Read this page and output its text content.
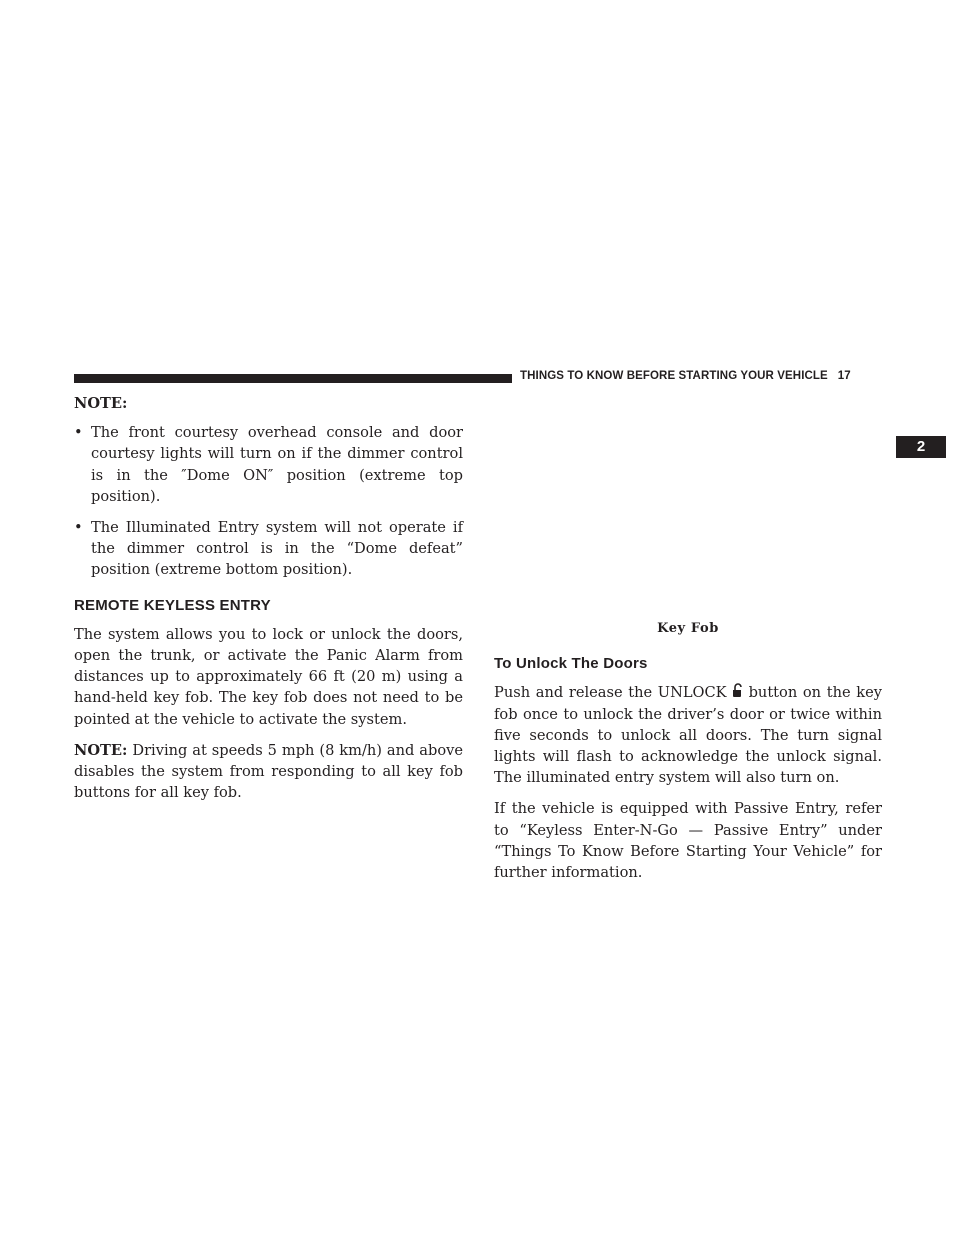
THINGS TO KNOW BEFORE STARTING YOUR VEHICLE 17
2
NOTE:
• The front courtesy overhead console and door courtesy lights will turn on if the dimmer control is in the ″Dome ON″ position (extreme top position).
• The Illuminated Entry system will not operate if the dimmer control is in the “Dome defeat” position (extreme bottom position).
REMOTE KEYLESS ENTRY

The system allows you to lock or unlock the doors, open the trunk, or activate the Panic Alarm from distances up to approximately 66 ft (20 m) using a hand-held key fob. The key fob does not need to be pointed at the vehicle to activate the system.

NOTE: Driving at speeds 5 mph (8 km/h) and above disables the system from responding to all key fob buttons for all key fob.

Key Fob
To Unlock The Doors

Push and release the UNLOCK button on the key fob once to unlock the driver’s door or twice within five seconds to unlock all doors. The turn signal lights will flash to acknowledge the unlock signal. The illuminated entry system will also turn on.

If the vehicle is equipped with Passive Entry, refer to “Keyless Enter-N-Go — Passive Entry” under “Things To Know Before Starting Your Vehicle” for further information.
